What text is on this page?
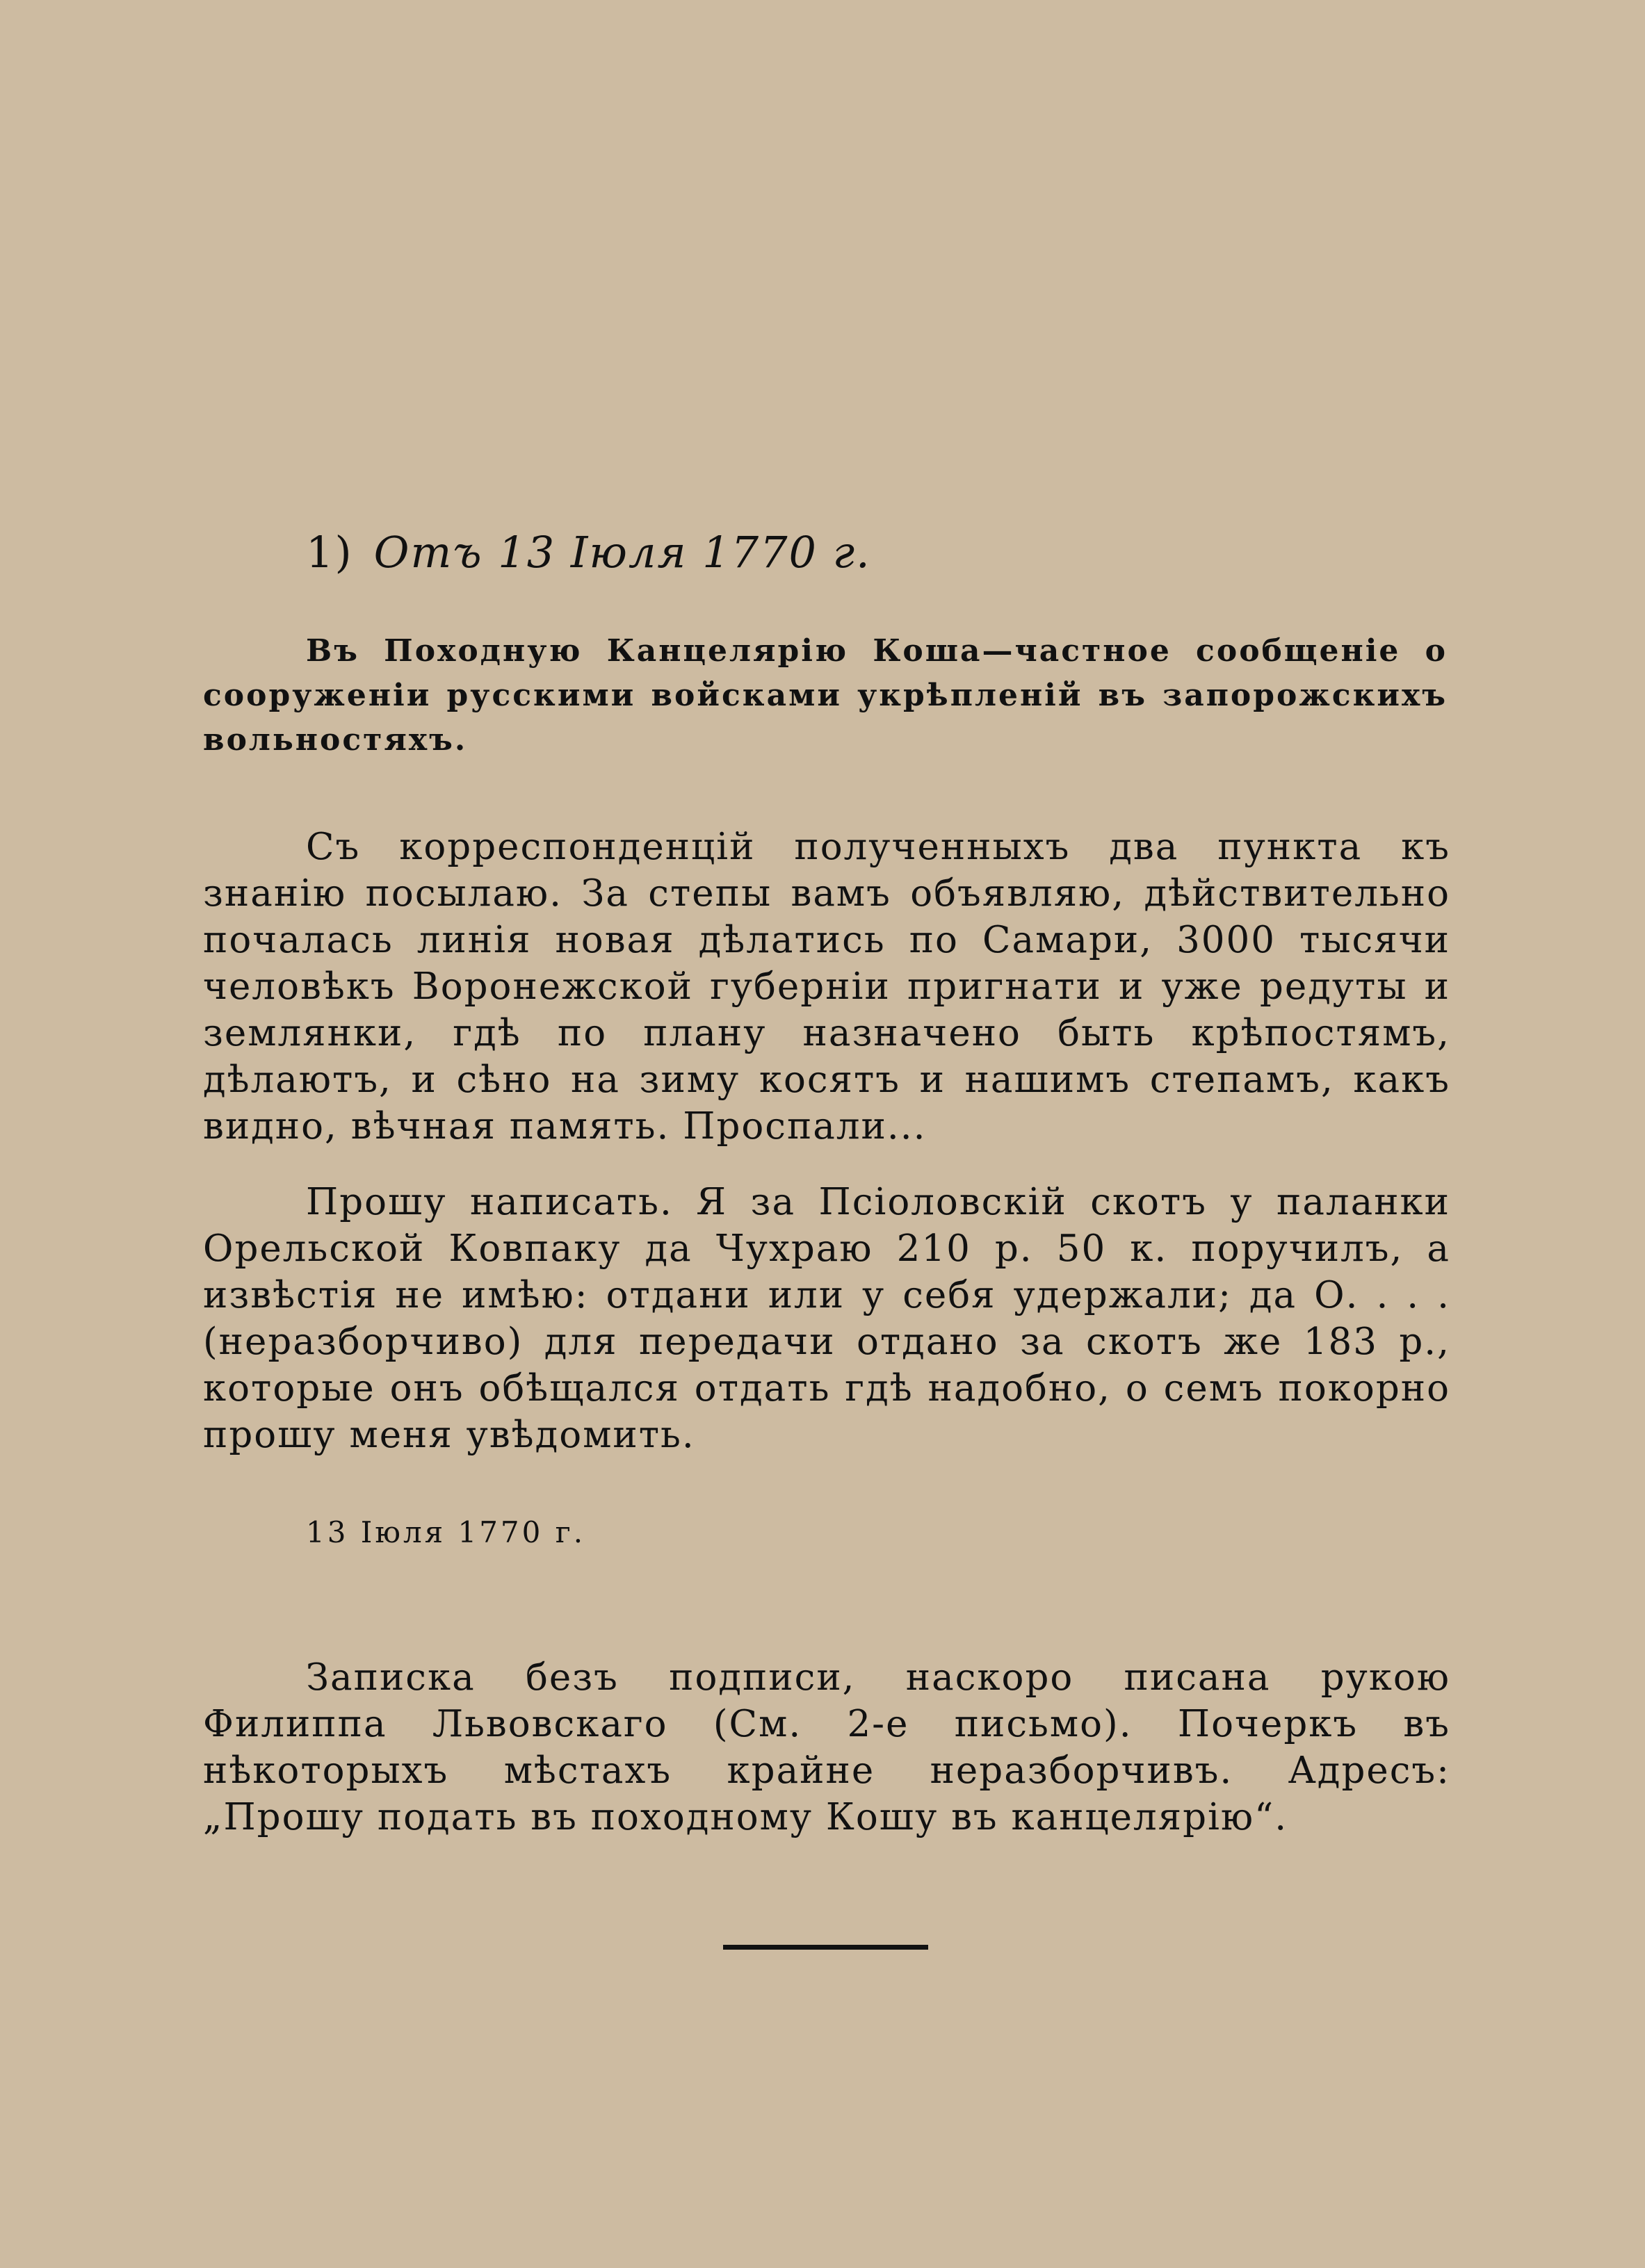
1) Отъ 13 Іюля 1770 г.
Въ Походную Канцелярію Коша—частное сообщеніе о сооруженіи русскими войсками укрѣпленій въ запорожскихъ вольностяхъ.

Съ корреспонденцій полученныхъ два пункта къ знанію посылаю. За степы вамъ объявляю, дѣйствительно почалась линія новая дѣлатись по Самари, 3000 тысячи человѣкъ Воронежской губерніи пригнати и уже редуты и землянки, гдѣ по плану назначено быть крѣпостямъ, дѣлаютъ, и сѣно на зиму косятъ и нашимъ степамъ, какъ видно, вѣчная память. Проспали...

Прошу написать. Я за Псіоловскій скотъ у паланки Орельской Ковпаку да Чухраю 210 р. 50 к. поручилъ, а извѣстія не имѣю: отдани или у себя удержали; да О. . . . (неразборчиво) для передачи отдано за скотъ же 183 р., которые онъ обѣщался отдать гдѣ надобно, о семъ покорно прошу меня увѣдомить.

13 Іюля 1770 г.

Записка безъ подписи, наскоро писана рукою Филиппа Львовскаго (См. 2-е письмо). Почеркъ въ нѣкоторыхъ мѣстахъ крайне неразборчивъ. Адресъ: „Прошу подать въ походному Кошу въ канцелярію“.
